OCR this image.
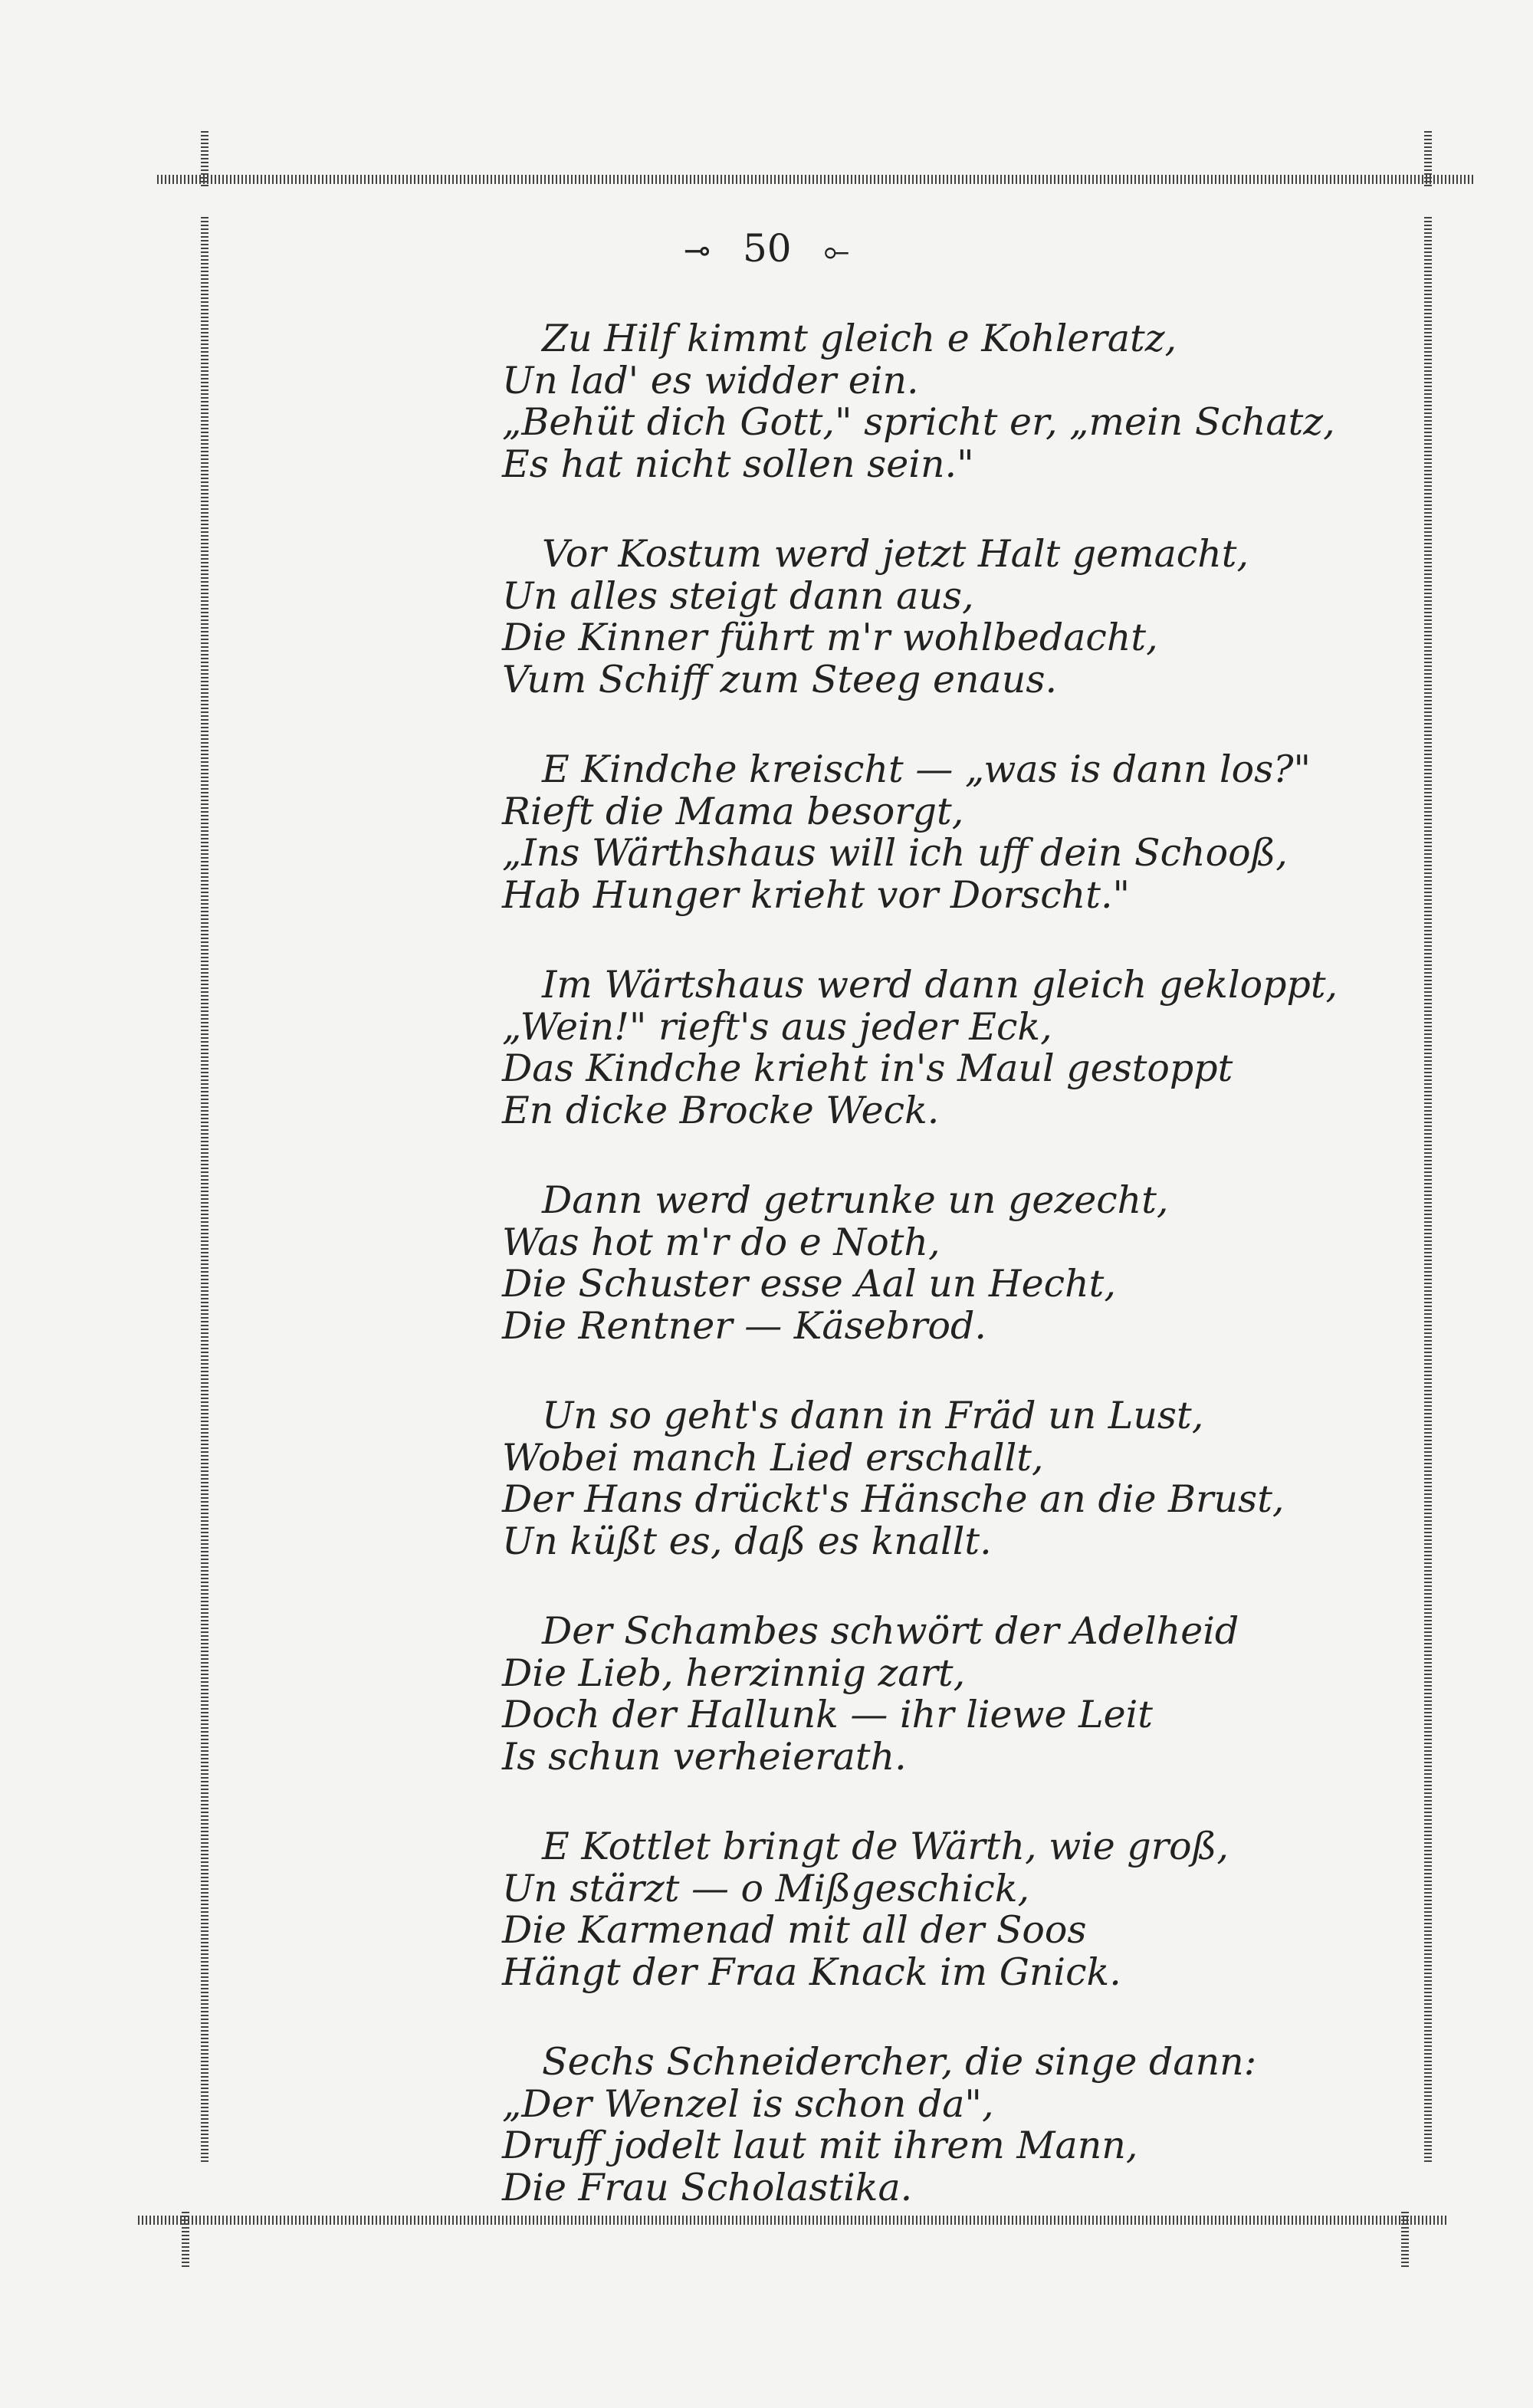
⊸ 50 ⟜
Zu Hilf kimmt gleich e Kohleratz,
Un lad' es widder ein.
„Behüt dich Gott," spricht er, „mein Schatz,
Es hat nicht sollen sein."
Vor Kostum werd jetzt Halt gemacht,
Un alles steigt dann aus,
Die Kinner führt m'r wohlbedacht,
Vum Schiff zum Steeg enaus.
E Kindche kreischt — „was is dann los?"
Rieft die Mama besorgt,
„Ins Wärthshaus will ich uff dein Schooß,
Hab Hunger krieht vor Dorscht."
Im Wärtshaus werd dann gleich gekloppt,
„Wein!" rieft's aus jeder Eck,
Das Kindche krieht in's Maul gestoppt
En dicke Brocke Weck.
Dann werd getrunke un gezecht,
Was hot m'r do e Noth,
Die Schuster esse Aal un Hecht,
Die Rentner — Käsebrod.
Un so geht's dann in Fräd un Lust,
Wobei manch Lied erschallt,
Der Hans drückt's Hänsche an die Brust,
Un küßt es, daß es knallt.
Der Schambes schwört der Adelheid
Die Lieb, herzinnig zart,
Doch der Hallunk — ihr liewe Leit
Is schun verheierath.
E Kottlet bringt de Wärth, wie groß,
Un stärzt — o Mißgeschick,
Die Karmenad mit all der Soos
Hängt der Fraa Knack im Gnick.
Sechs Schneidercher, die singe dann:
„Der Wenzel is schon da",
Druff jodelt laut mit ihrem Mann,
Die Frau Scholastika.
